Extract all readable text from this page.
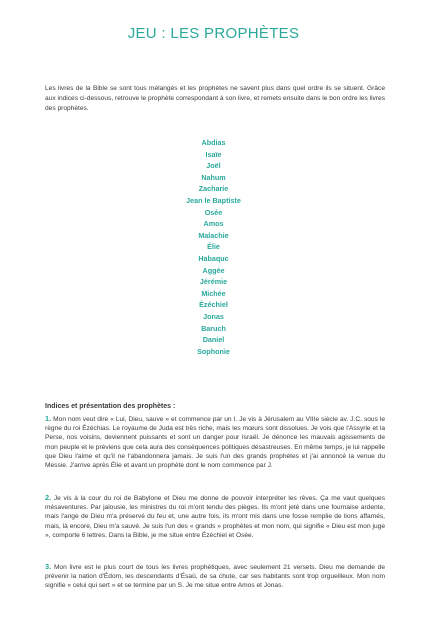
JEU : LES PROPHÈTES

Les livres de la Bible se sont tous mélangés et les prophètes ne savent plus dans quel ordre ils se situent. Grâce aux indices ci-dessous, retrouve le prophète correspondant à son livre, et remets ensuite dans le bon ordre les livres des prophètes.

Abdias
Isaïe
Joël
Nahum
Zacharie
Jean le Baptiste
Osée
Amos
Malachie
Élie
Habaquc
Aggée
Jérémie
Michée
Ézéchiel
Jonas
Baruch
Daniel
Sophonie
Indices et présentation des prophètes :

1. Mon nom veut dire « Lui, Dieu, sauve » et commence par un I. Je vis à Jérusalem au VIIIe siècle av. J.C. sous le règne du roi Ézéchias. Le royaume de Juda est très riche, mais les mœurs sont dissolues. Je vois que l'Assyrie et la Perse, nos voisins, deviennent puissants et sont un danger pour Israël. Je dénonce les mauvais agissements de mon peuple et le préviens que cela aura des conséquences politiques désastreuses. En même temps, je lui rappelle que Dieu l'aime et qu'il ne l'abandonnera jamais. Je suis l'un des grands prophètes et j'ai annoncé la venue du Messie. J'arrive après Élie et avant un prophète dont le nom commence par J.

2. Je vis à la cour du roi de Babylone et Dieu me donne de pouvoir interpréter les rêves. Ça me vaut quelques mésaventures. Par jalousie, les ministres du roi m'ont tendu des pièges. Ils m'ont jeté dans une fournaise ardente, mais l'ange de Dieu m'a préservé du feu et, une autre fois, ils m'ont mis dans une fosse remplie de lions affamés, mais, là encore, Dieu m'a sauvé. Je suis l'un des « grands » prophètes et mon nom, qui signifie « Dieu est mon juge », comporte 6 lettres. Dans la Bible, je me situe entre Ézéchiel et Osée.

3. Mon livre est le plus court de tous les livres prophétiques, avec seulement 21 versets. Dieu me demande de prévenir la nation d'Édom, les descendants d'Ésaü, de sa chute, car ses habitants sont trop orgueilleux. Mon nom signifie « celui qui sert » et se termine par un S. Je me situe entre Amos et Jonas.
